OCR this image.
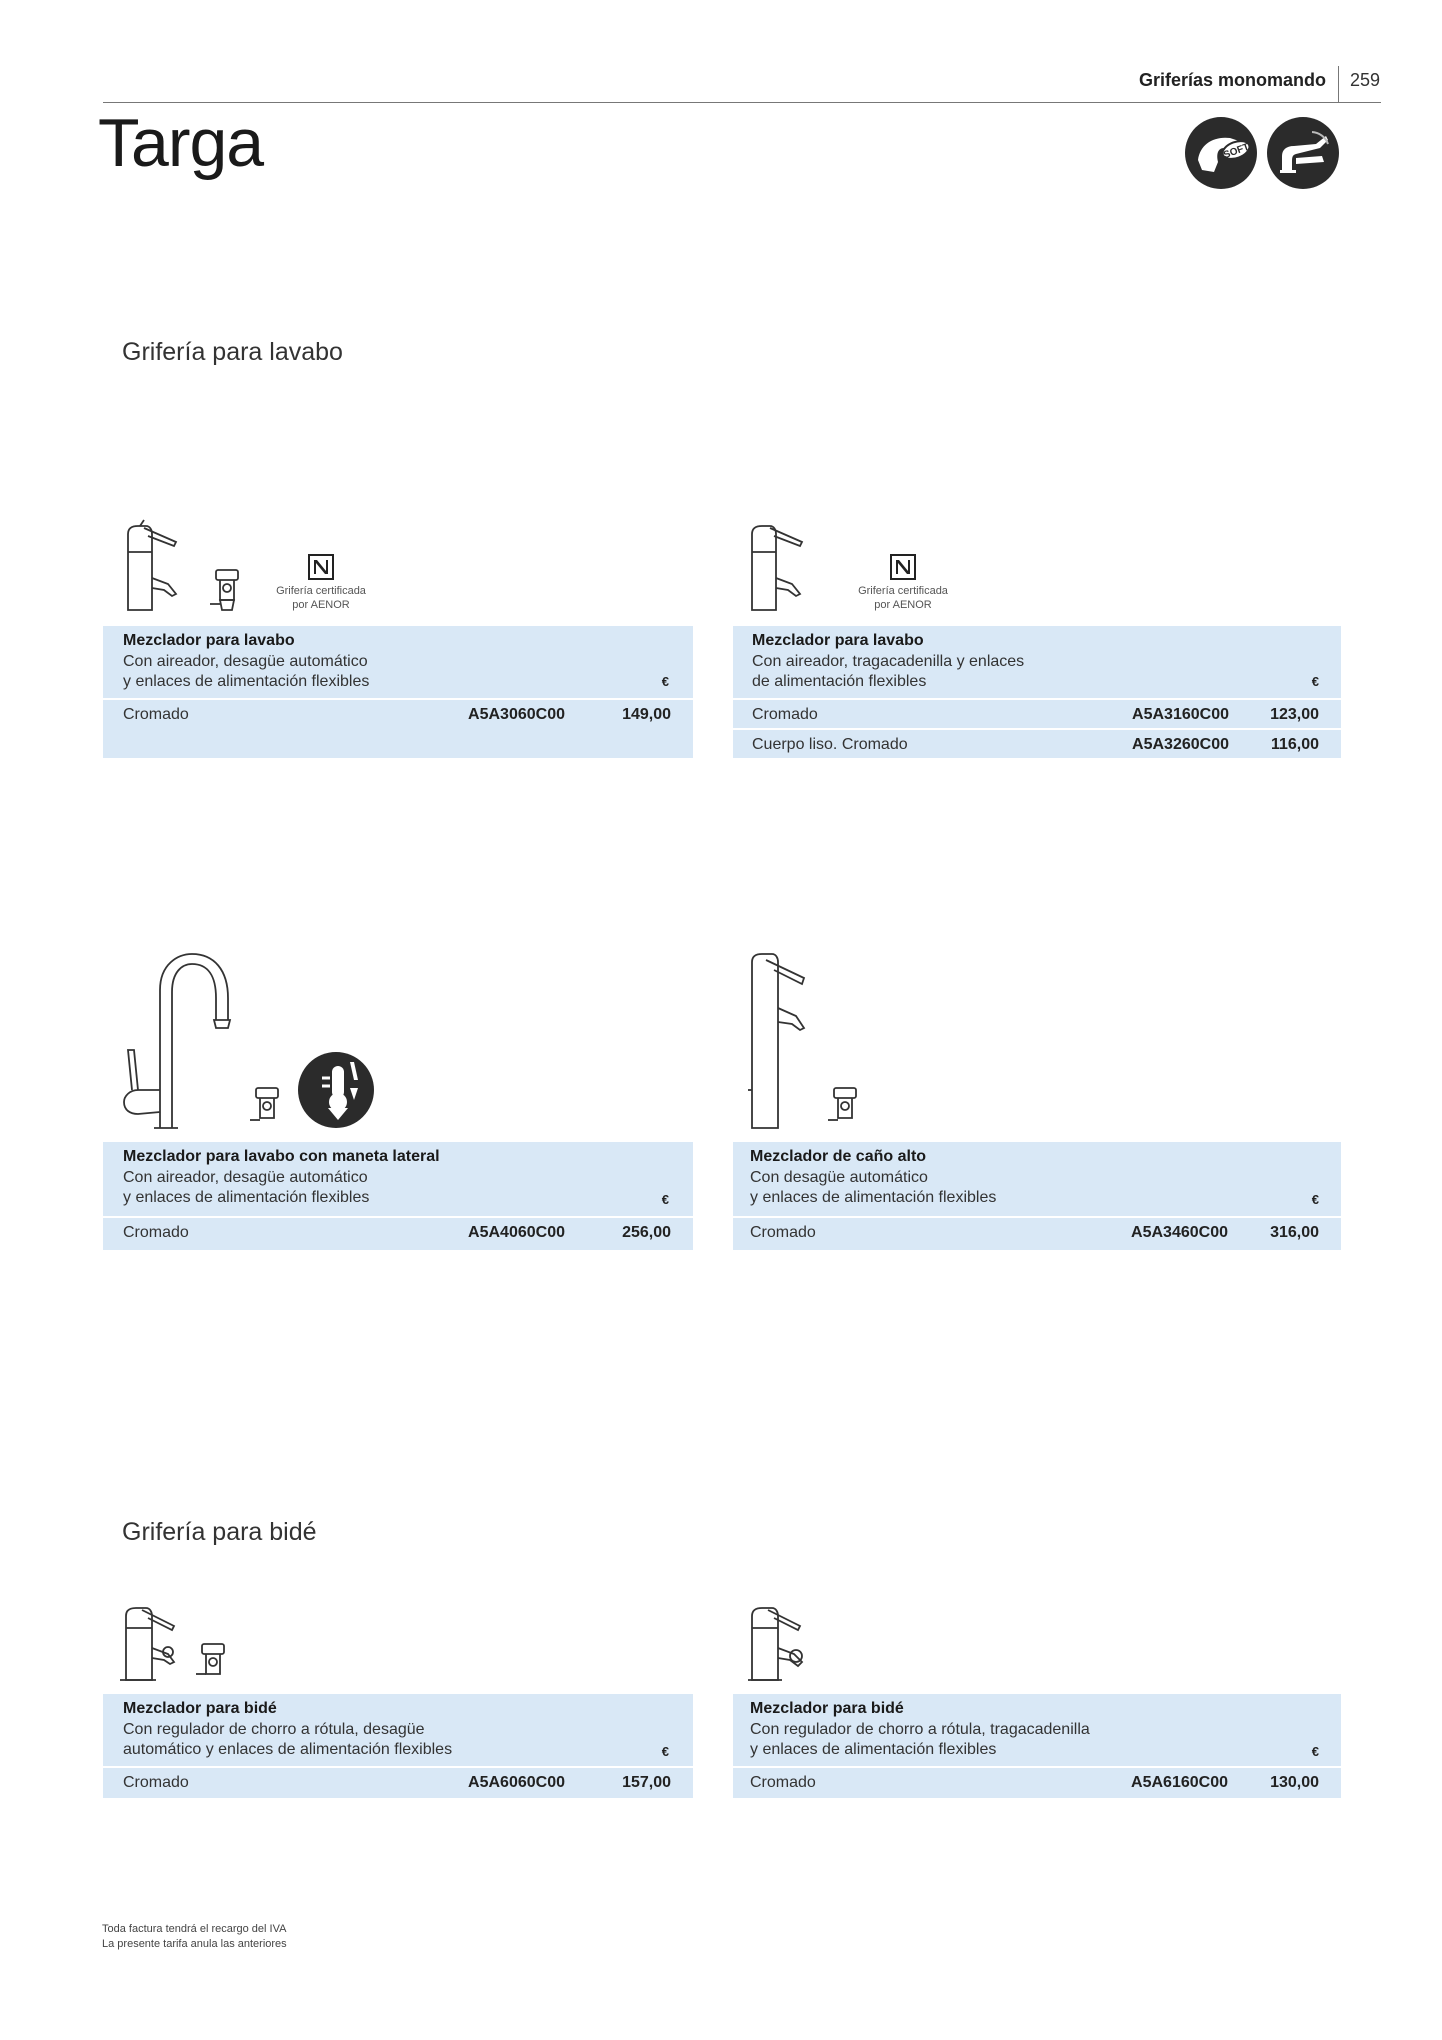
Griferías monomando 259
Targa	SOFT
Grifería para lavabo
Grifería certificada
por AENOR
Grifería certificada
por AENOR
Mezclador para lavabo
Con aireador, desagüe automático
y enlaces de alimentación flexibles	€
Cromado	A5A3060C00	149,00
Mezclador para lavabo
Con aireador, tragacadenilla y enlaces
de alimentación flexibles	€
Cromado	A5A3160C00	123,00
Cuerpo liso. Cromado	A5A3260C00	116,00
Mezclador para lavabo con maneta lateral
Con aireador, desagüe automático
y enlaces de alimentación flexibles	€
Cromado	A5A4060C00	256,00
Mezclador de caño alto
Con desagüe automático
y enlaces de alimentación flexibles	€
Cromado	A5A3460C00	316,00
Grifería para bidé
Mezclador para bidé
Con regulador de chorro a rótula, desagüe
automático y enlaces de alimentación flexibles	€
Cromado	A5A6060C00	157,00
Mezclador para bidé
Con regulador de chorro a rótula, tragacadenilla
y enlaces de alimentación flexibles	€
Cromado	A5A6160C00	130,00
Toda factura tendrá el recargo del IVA
La presente tarifa anula las anteriores
